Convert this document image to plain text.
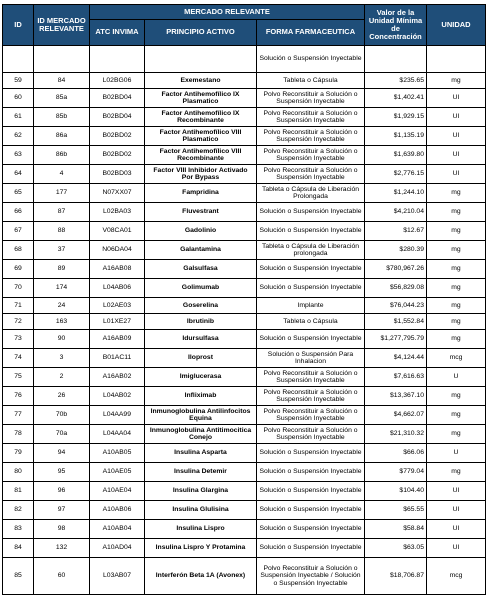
ID	ID MERCADO RELEVANTE	MERCADO RELEVANTE			Valor de la Unidad Mínima de Concentración	UNIDAD
		ATC INVIMA	PRINCIPIO ACTIVO	FORMA FARMACEUTICA		
				Solución o Suspensión Inyectable		
59	84	L02BG06	Exemestano	Tableta o Cápsula	$235.65	mg
60	85a	B02BD04	Factor Antihemofílico IX Plasmatico	Polvo Reconstituir a Solución o Suspensión Inyectable	$1,402.41	UI
61	85b	B02BD04	Factor Antihemofílico IX Recombinante	Polvo Reconstituir a Solución o Suspensión Inyectable	$1,929.15	UI
62	86a	B02BD02	Factor Antihemofílico VIII Plasmatico	Polvo Reconstituir a Solución o Suspensión Inyectable	$1,135.19	UI
63	86b	B02BD02	Factor Antihemofílico VIII Recombinante	Polvo Reconstituir a Solución o Suspensión Inyectable	$1,639.80	UI
64	4	B02BD03	Factor VIII Inhibidor Activado Por Bypass	Polvo Reconstituir a Solución o Suspensión Inyectable	$2,776.15	UI
65	177	N07XX07	Fampridina	Tableta o Cápsula de Liberación Prolongada	$1,244.10	mg
66	87	L02BA03	Fluvestrant	Solución o Suspensión Inyectable	$4,210.04	mg
67	88	V08CA01	Gadolinio	Solución o Suspensión Inyectable	$12.67	mg
68	37	N06DA04	Galantamina	Tableta o Cápsula de Liberación prolongada	$280.39	mg
69	89	A16AB08	Galsulfasa	Solución o Suspensión Inyectable	$780,967.26	mg
70	174	L04AB06	Golimumab	Solución o Suspensión Inyectable	$56,829.08	mg
71	24	L02AE03	Goserelina	Implante	$76,044.23	mg
72	163	L01XE27	Ibrutinib	Tableta o Cápsula	$1,552.84	mg
73	90	A16AB09	Idursulfasa	Solución o Suspensión Inyectable	$1,277,795.79	mg
74	3	B01AC11	Iloprost	Solución o Suspensión Para Inhalacion	$4,124.44	mcg
75	2	A16AB02	Imiglucerasa	Polvo Reconstituir a Solución o Suspensión Inyectable	$7,616.63	U
76	26	L04AB02	Infliximab	Polvo Reconstituir a Solución o Suspensión Inyectable	$13,367.10	mg
77	70b	L04AA99	Inmunoglobulina Antilinfocitos Equina	Polvo Reconstituir a Solución o Suspensión Inyectable	$4,662.07	mg
78	70a	L04AA04	Inmunoglobulina Antitimocitica Conejo	Polvo Reconstituir a Solución o Suspensión Inyectable	$21,310.32	mg
79	94	A10AB05	Insulina Asparta	Solución o Suspensión Inyectable	$66.06	U
80	95	A10AE05	Insulina Detemir	Solución o Suspensión Inyectable	$779.04	mg
81	96	A10AE04	Insulina Glargina	Solución o Suspensión Inyectable	$104.40	UI
82	97	A10AB06	Insulina Glulisina	Solución o Suspensión Inyectable	$65.55	UI
83	98	A10AB04	Insulina Lispro	Solución o Suspensión Inyectable	$58.84	UI
84	132	A10AD04	Insulina Lispro Y Protamina	Solución o Suspensión Inyectable	$63.05	UI
85	60	L03AB07	Interferón Beta 1A (Avonex)	Polvo Reconstituir a Solución o Suspensión Inyectable / Solución o Suspensión Inyectable	$18,706.87	mcg
